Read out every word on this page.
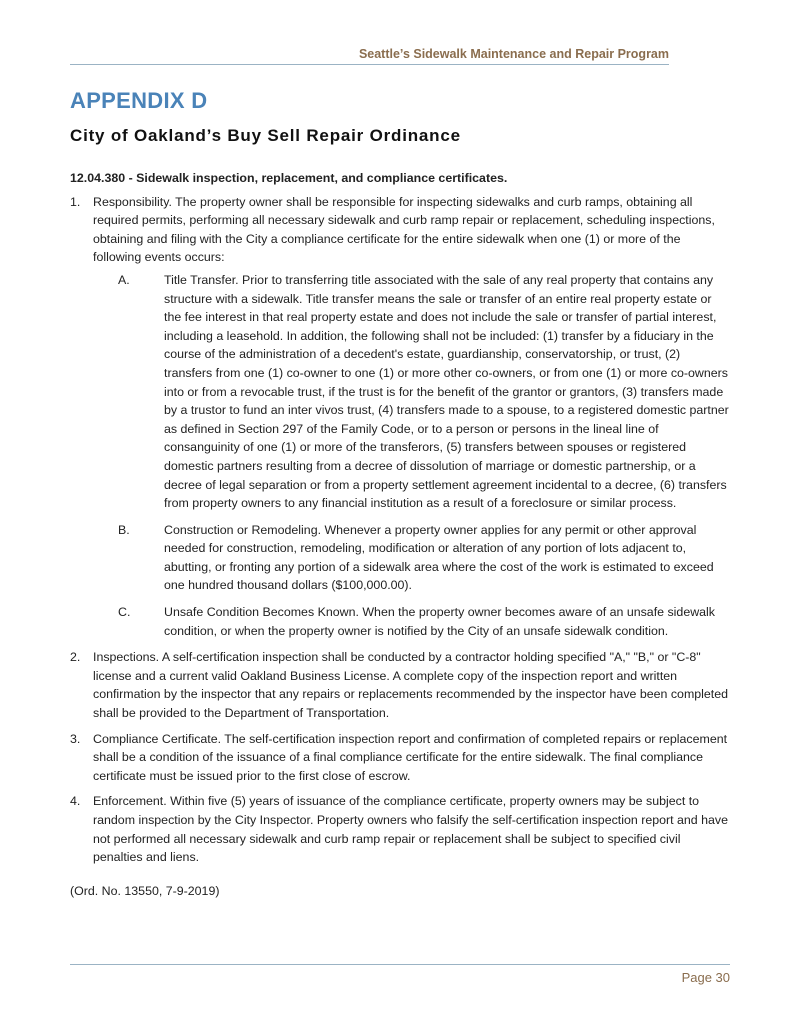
Seattle’s Sidewalk Maintenance and Repair Program
APPENDIX D
City of Oakland’s Buy Sell Repair Ordinance

12.04.380 - Sidewalk inspection, replacement, and compliance certificates.

1. Responsibility. The property owner shall be responsible for inspecting sidewalks and curb ramps, obtaining all required permits, performing all necessary sidewalk and curb ramp repair or replacement, scheduling inspections, obtaining and filing with the City a compliance certificate for the entire sidewalk when one (1) or more of the following events occurs:
A.	Title Transfer. Prior to transferring title associated with the sale of any real property that contains any structure with a sidewalk. Title transfer means the sale or transfer of an entire real property estate or the fee interest in that real property estate and does not include the sale or transfer of partial interest, including a leasehold. In addition, the following shall not be included: (1) transfer by a fiduciary in the course of the administration of a decedent's estate, guardianship, conservatorship, or trust, (2) transfers from one (1) co-owner to one (1) or more other co-owners, or from one (1) or more co-owners into or from a revocable trust, if the trust is for the benefit of the grantor or grantors, (3) transfers made by a trustor to fund an inter vivos trust, (4) transfers made to a spouse, to a registered domestic partner as defined in Section 297 of the Family Code, or to a person or persons in the lineal line of consanguinity of one (1) or more of the transferors, (5) transfers between spouses or registered domestic partners resulting from a decree of dissolution of marriage or domestic partnership, or a decree of legal separation or from a property settlement agreement incidental to a decree, (6) transfers from property owners to any financial institution as a result of a foreclosure or similar process.
B.	Construction or Remodeling. Whenever a property owner applies for any permit or other approval needed for construction, remodeling, modification or alteration of any portion of lots adjacent to, abutting, or fronting any portion of a sidewalk area where the cost of the work is estimated to exceed one hundred thousand dollars ($100,000.00).
C.	Unsafe Condition Becomes Known. When the property owner becomes aware of an unsafe sidewalk condition, or when the property owner is notified by the City of an unsafe sidewalk condition.
2. Inspections. A self-certification inspection shall be conducted by a contractor holding specified "A," "B," or "C-8" license and a current valid Oakland Business License. A complete copy of the inspection report and written confirmation by the inspector that any repairs or replacements recommended by the inspector have been completed shall be provided to the Department of Transportation.
3. Compliance Certificate. The self-certification inspection report and confirmation of completed repairs or replacement shall be a condition of the issuance of a final compliance certificate for the entire sidewalk. The final compliance certificate must be issued prior to the first close of escrow.
4. Enforcement. Within five (5) years of issuance of the compliance certificate, property owners may be subject to random inspection by the City Inspector. Property owners who falsify the self-certification inspection report and have not performed all necessary sidewalk and curb ramp repair or replacement shall be subject to specified civil penalties and liens.

(Ord. No. 13550, 7-9-2019)

Page 30
